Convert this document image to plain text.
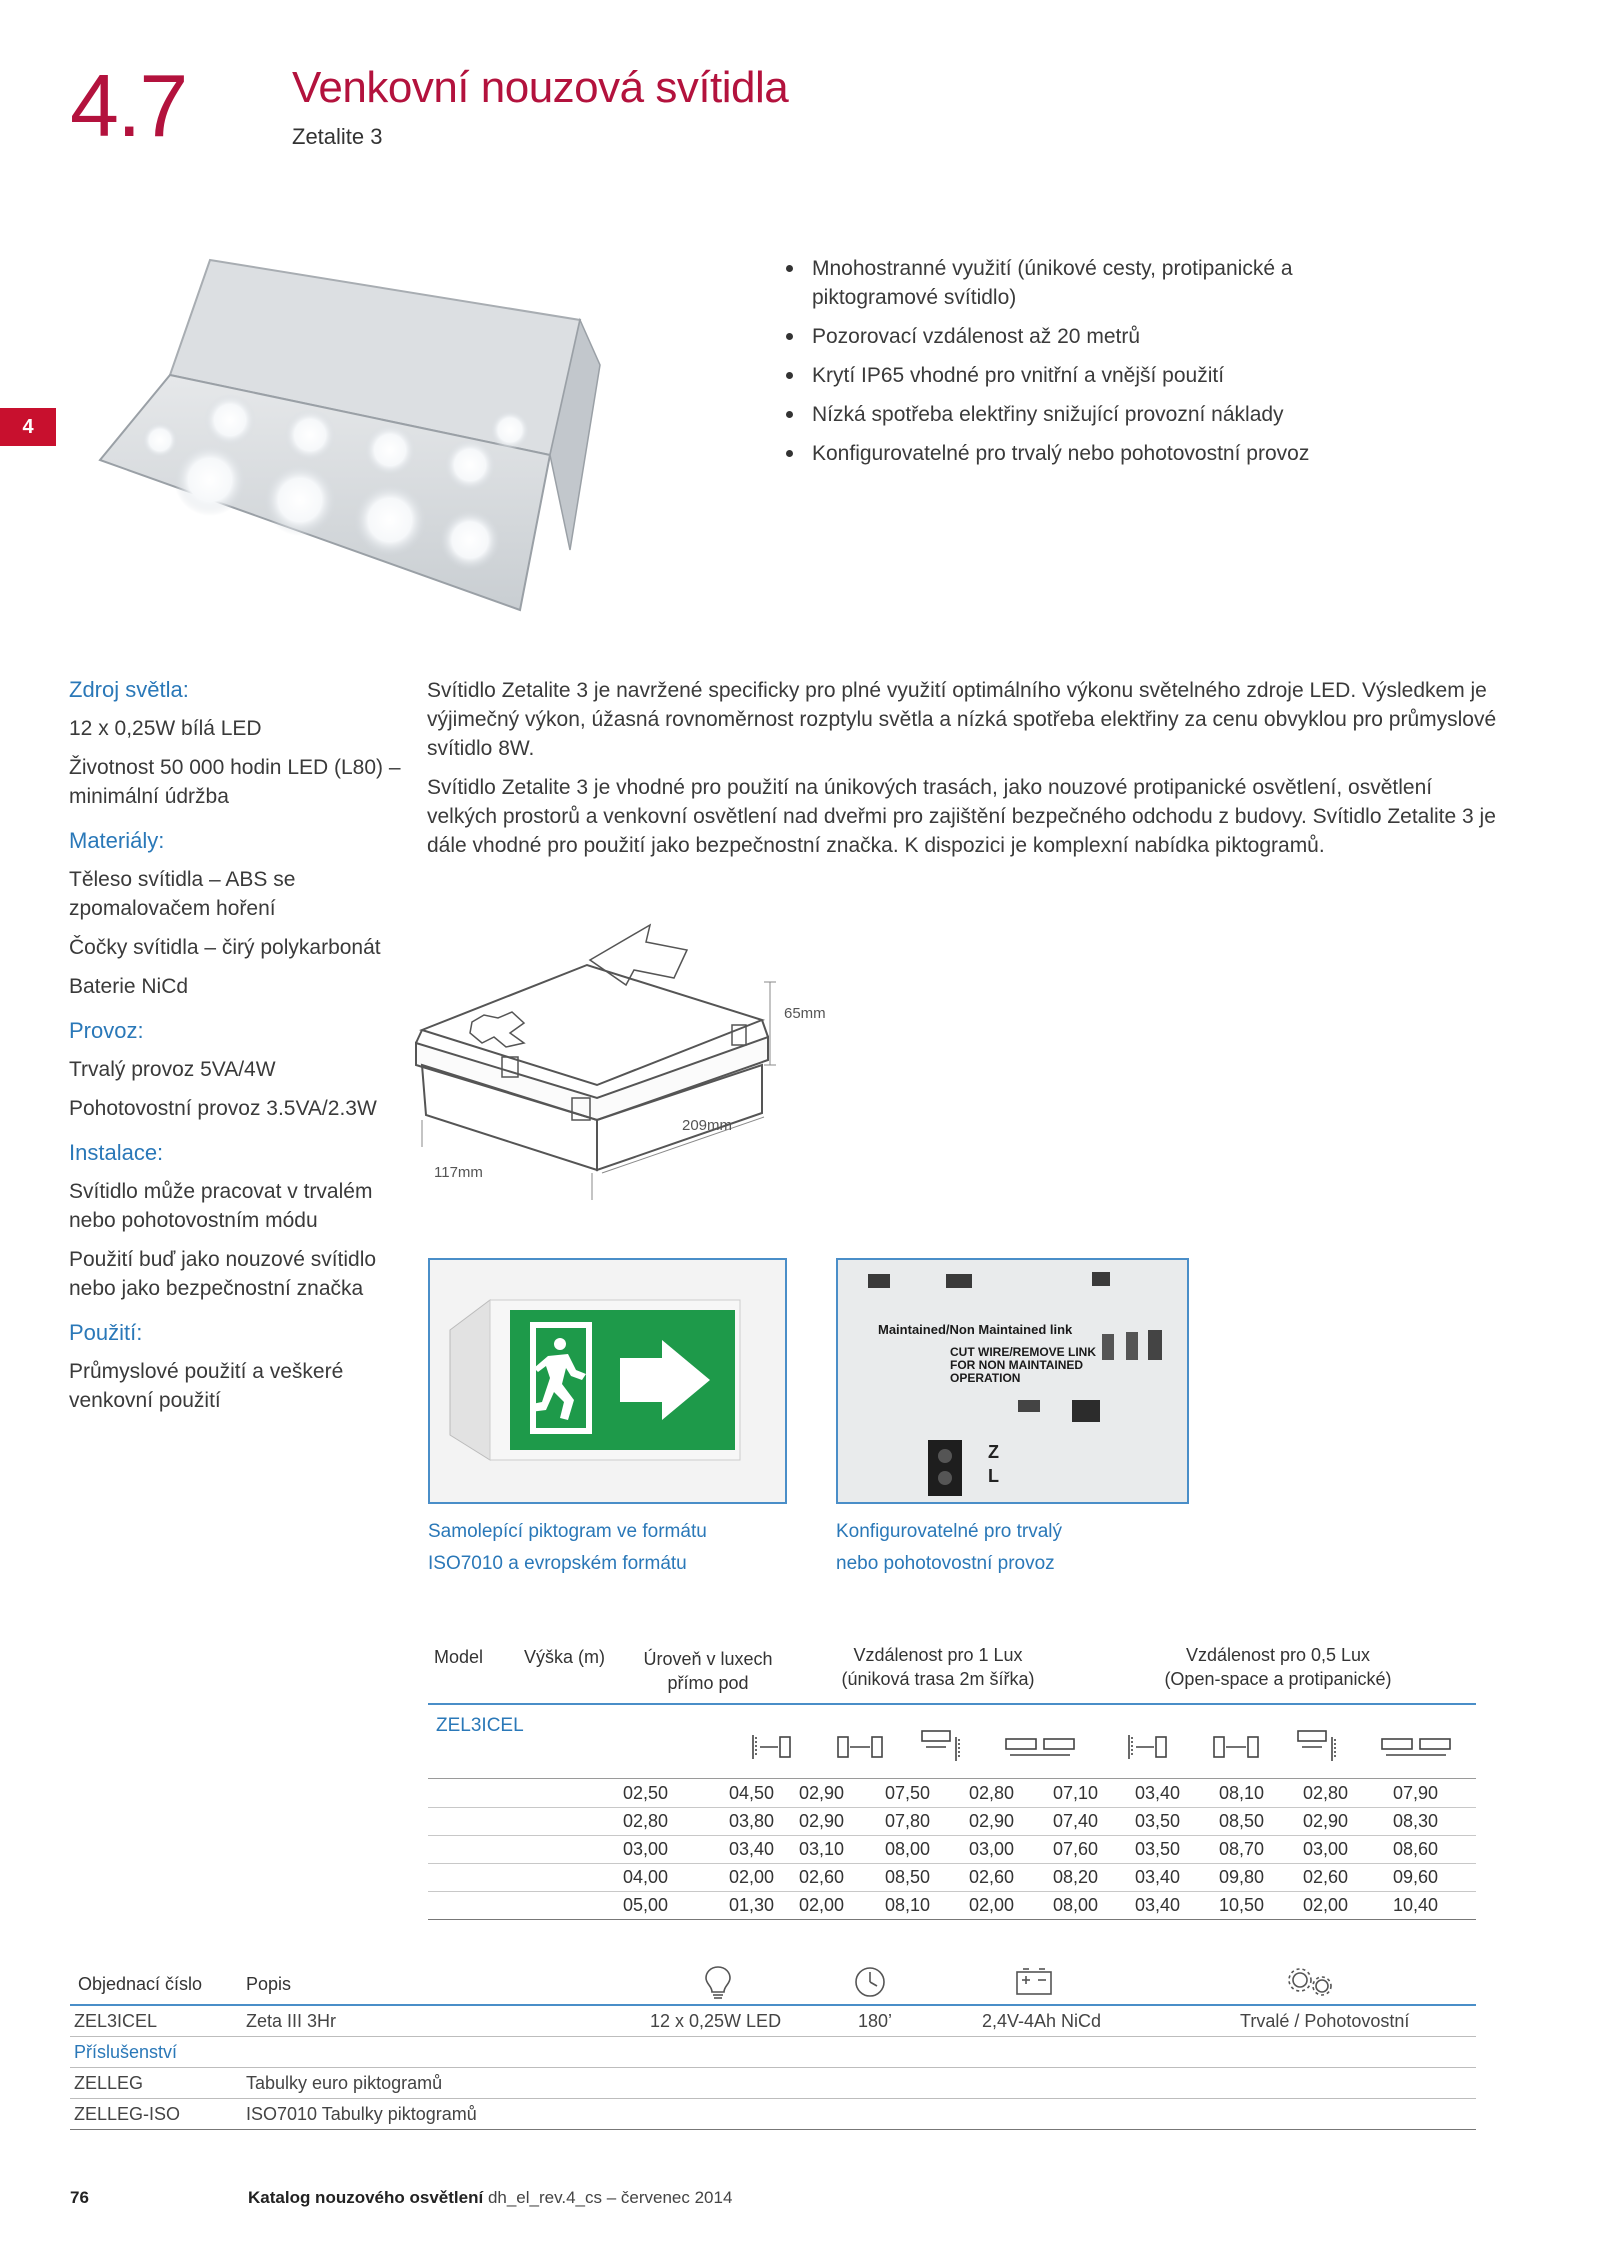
4.7 Venkovní nouzová svítidla
Zetalite 3
4
Mnohostranné využití (únikové cesty, protipanické a piktogramové svítidlo)
Pozorovací vzdálenost až 20 metrů
Krytí IP65 vhodné pro vnitřní a vnější použití
Nízká spotřeba elektřiny snižující provozní náklady
Konfigurovatelné pro trvalý nebo pohotovostní provoz
Zdroj světla:
12 x 0,25W bílá LED
Životnost 50 000 hodin LED (L80) – minimální údržba
Materiály:
Těleso svítidla – ABS se zpomalovačem hoření
Čočky svítidla – čirý polykarbonát
Baterie NiCd
Provoz:
Trvalý provoz 5VA/4W
Pohotovostní provoz 3.5VA/2.3W
Instalace:
Svítidlo může pracovat v trvalém nebo pohotovostním módu
Použití buď jako nouzové svítidlo nebo jako bezpečnostní značka
Použití:
Průmyslové použití a veškeré venkovní použití

Svítidlo Zetalite 3 je navržené specificky pro plné využití optimálního výkonu světelného zdroje LED. Výsledkem je výjimečný výkon, úžasná rovnoměrnost rozptylu světla a nízká spotřeba elektřiny za cenu obvyklou pro průmyslové svítidlo 8W.

Svítidlo Zetalite 3 je vhodné pro použití na únikových trasách, jako nouzové protipanické osvětlení, osvětlení velkých prostorů a venkovní osvětlení nad dveřmi pro zajištění bezpečného odchodu z budovy. Svítidlo Zetalite 3 je dále vhodné pro použití jako bezpečnostní značka. K dispozici je komplexní nabídka piktogramů.

65mm
209mm
117mm
Z
L
Maintained/Non Maintained link
CUT WIRE/REMOVE LINK
FOR NON MAINTAINED
OPERATION
Samolepící piktogram ve formátu
ISO7010 a evropském formátu
Konfigurovatelné pro trvalý
nebo pohotovostní provoz
Model Výška (m)	Úroveň v luxech
přímo pod
Vzdálenost pro 1 Lux
(úniková trasa 2m šířka)
Vzdálenost pro 0,5 Lux
(Open-space a protipanické)
ZEL3ICEL
02,50	04,50	02,90	07,50	02,80	07,10	03,40	08,10	02,80	07,90
02,80	03,80	02,90	07,80	02,90	07,40	03,50	08,50	02,90	08,30
03,00	03,40	03,10	08,00	03,00	07,60	03,50	08,70	03,00	08,60
04,00	02,00	02,60	08,50	02,60	08,20	03,40	09,80	02,60	09,60
05,00	01,30	02,00	08,10	02,00	08,00	03,40	10,50	02,00	10,40
Objednací číslo Popis
ZEL3ICEL	Zeta III 3Hr	12 x 0,25W LED	180’	2,4V-4Ah NiCd	Trvalé / Pohotovostní
Příslušenství
ZELLEG	Tabulky euro piktogramů
ZELLEG-ISO	ISO7010 Tabulky piktogramů
76	Katalog nouzového osvětlení dh_el_rev.4_cs – červenec 2014
